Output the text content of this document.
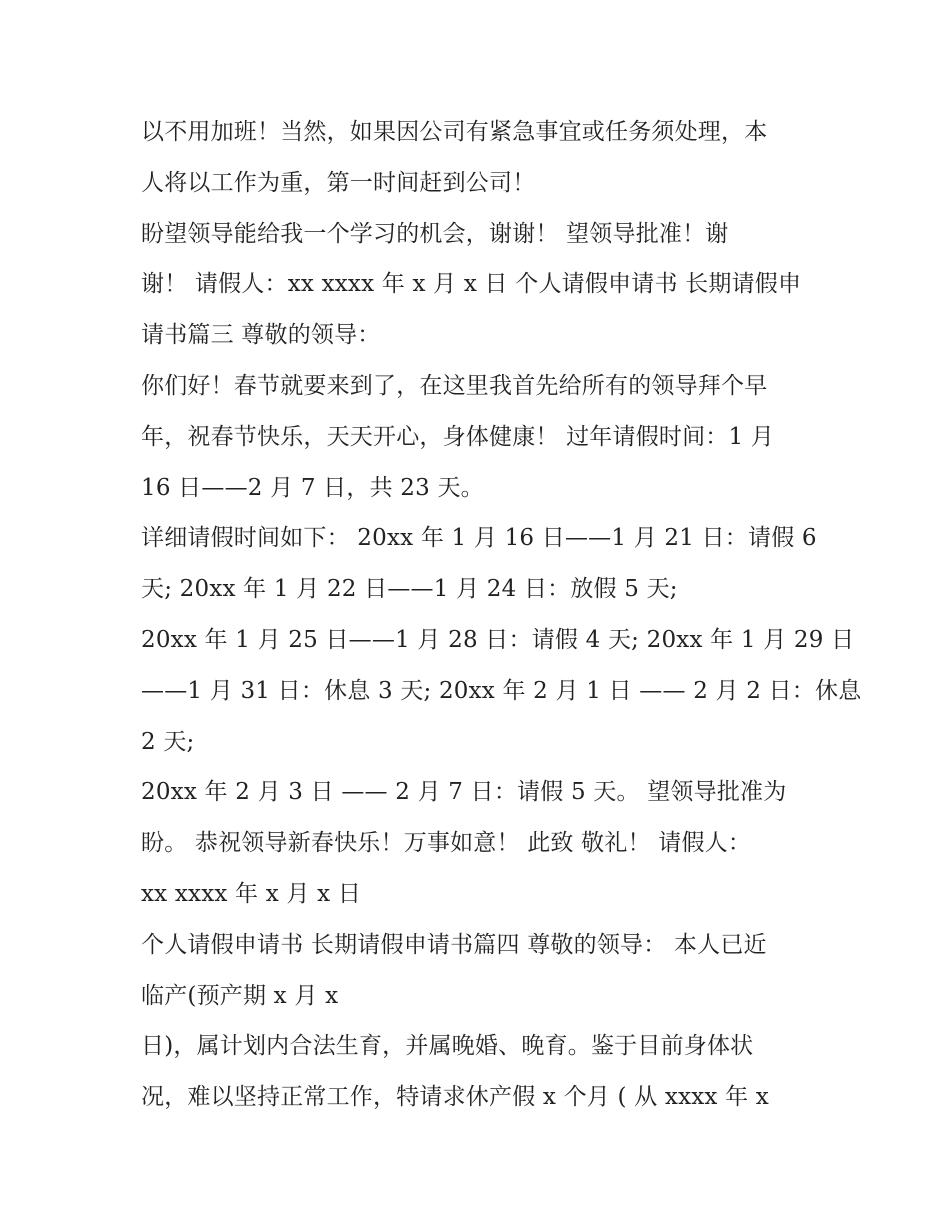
以不用加班！当然，如果因公司有紧急事宜或任务须处理，本
人将以工作为重，第一时间赶到公司！
盼望领导能给我一个学习的机会，谢谢！ 望领导批准！谢
谢！ 请假人：xx xxxx 年 x 月 x 日 个人请假申请书 长期请假申
请书篇三 尊敬的领导：
你们好！春节就要来到了，在这里我首先给所有的领导拜个早
年，祝春节快乐，天天开心，身体健康！ 过年请假时间：1 月
16 日——2 月 7 日，共 23 天。
详细请假时间如下： 20xx 年 1 月 16 日——1 月 21 日：请假 6
天; 20xx 年 1 月 22 日——1 月 24 日：放假 5 天;
20xx 年 1 月 25 日——1 月 28 日：请假 4 天; 20xx 年 1 月 29 日
——1 月 31 日：休息 3 天; 20xx 年 2 月 1 日 —— 2 月 2 日：休息
2 天;
20xx 年 2 月 3 日 —— 2 月 7 日：请假 5 天。 望领导批准为
盼。 恭祝领导新春快乐！万事如意！ 此致 敬礼！ 请假人：
xx xxxx 年 x 月 x 日
个人请假申请书 长期请假申请书篇四 尊敬的领导： 本人已近
临产(预产期 x 月 x
日)，属计划内合法生育，并属晚婚、晚育。鉴于目前身体状
况，难以坚持正常工作，特请求休产假 x 个月 ( 从 xxxx 年 x
